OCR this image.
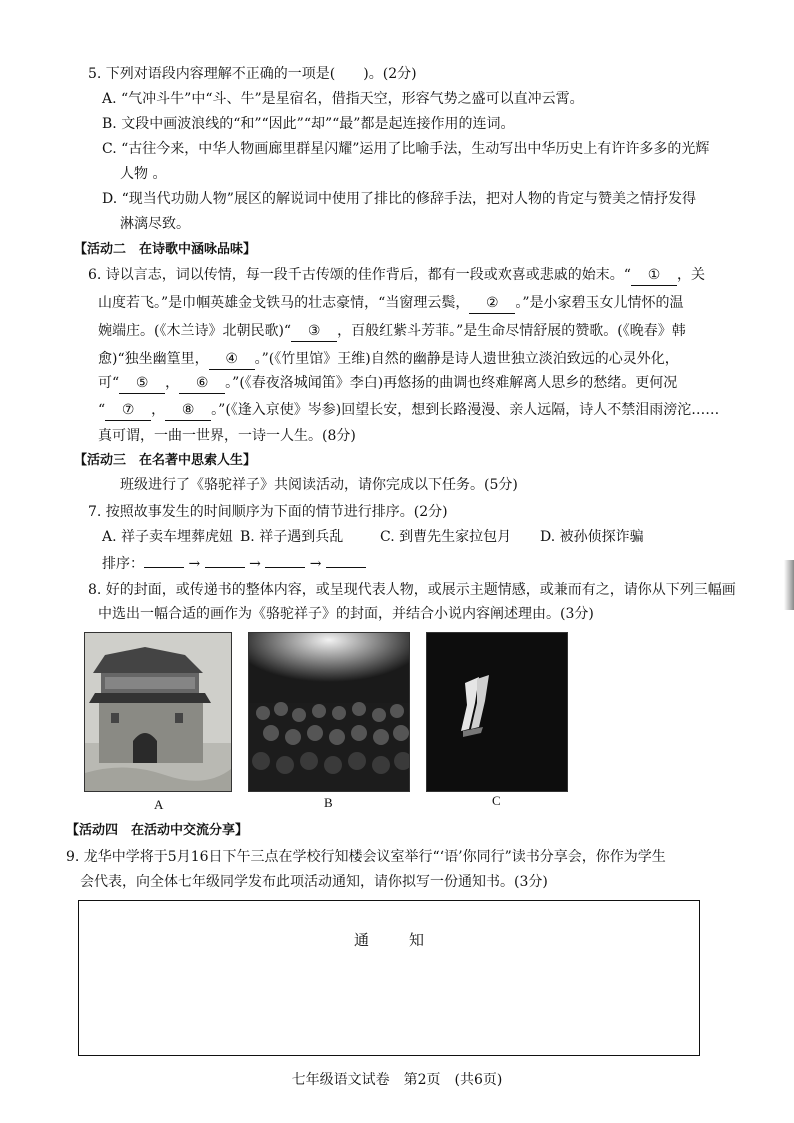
5. 下列对语段内容理解不正确的一项是(　　)。(2分)
A. “气冲斗牛”中“斗、牛”是星宿名，借指天空，形容气势之盛可以直冲云霄。
B. 文段中画波浪线的“和”“因此”“却”“最”都是起连接作用的连词。
C. “古往今来，中华人物画廊里群星闪耀”运用了比喻手法，生动写出中华历史上有许许多多的光辉
人物 。
D. “现当代功勋人物”展区的解说词中使用了排比的修辞手法，把对人物的肯定与赞美之情抒发得
淋漓尽致。
【活动二　在诗歌中涵咏品味】
6. 诗以言志，词以传情，每一段千古传颂的佳作背后，都有一段或欢喜或悲戚的始末。“ ① ，关
山度若飞。”是巾帼英雄金戈铁马的壮志豪情，“当窗理云鬓， ② 。”是小家碧玉女儿情怀的温
婉端庄。(《木兰诗》北朝民歌)“ ③ ，百般红紫斗芳菲。”是生命尽情舒展的赞歌。(《晚春》韩
愈)“独坐幽篁里， ④ 。”(《竹里馆》王维)自然的幽静是诗人遗世独立淡泊致远的心灵外化，
可“ ⑤ ， ⑥ 。”(《春夜洛城闻笛》李白)再悠扬的曲调也终难解离人思乡的愁绪。更何况
“ ⑦ ， ⑧ 。”(《逢入京使》岑参)回望长安，想到长路漫漫、亲人远隔，诗人不禁泪雨滂沱……
真可谓，一曲一世界，一诗一人生。(8分)
【活动三　在名著中思索人生】
班级进行了《骆驼祥子》共阅读活动，请你完成以下任务。(5分)
7. 按照故事发生的时间顺序为下面的情节进行排序。(2分)
A. 祥子卖车埋葬虎妞 B. 祥子遇到兵乱	C. 到曹先生家拉包月 D. 被孙侦探诈骗
排序：	→	→	→
8. 好的封面，或传递书的整体内容，或呈现代表人物，或展示主题情感，或兼而有之，请你从下列三幅画
中选出一幅合适的画作为《骆驼祥子》的封面，并结合小说内容阐述理由。(3分)
A	B	C
【活动四　在活动中交流分享】
9. 龙华中学将于5月16日下午三点在学校行知楼会议室举行“‘语’你同行”读书分享会，你作为学生
会代表，向全体七年级同学发布此项活动通知，请你拟写一份通知书。(3分)
通知
七年级语文试卷　第2页　(共6页)
